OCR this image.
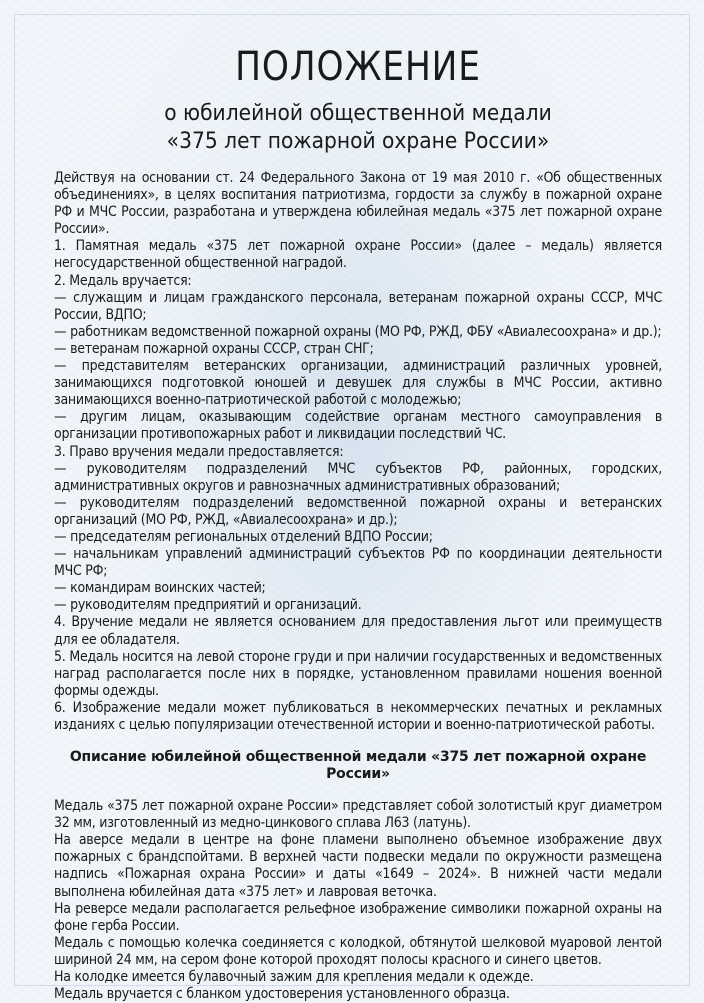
ПОЛОЖЕНИЕ
о юбилейной общественной медали
«375 лет пожарной охране России»

Действуя на основании ст. 24 Федерального Закона от 19 мая 2010 г. «Об общественных объединениях», в целях воспитания патриотизма, гордости за службу в пожарной охране РФ и МЧС России, разработана и утверждена юбилейная медаль «375 лет пожарной охране России».

1. Памятная медаль «375 лет пожарной охране России» (далее – медаль) является негосударственной общественной наградой.

2. Медаль вручается:

— служащим и лицам гражданского персонала, ветеранам пожарной охраны СССР, МЧС России, ВДПО;

— работникам ведомственной пожарной охраны (МО РФ, РЖД, ФБУ «Авиалесоохрана» и др.);

— ветеранам пожарной охраны СССР, стран СНГ;

— представителям ветеранских организации, администраций различных уровней, занимающихся подготовкой юношей и девушек для службы в МЧС России, активно занимающихся военно-патриотической работой с молодежью;

— другим лицам, оказывающим содействие органам местного самоуправления в организации противопожарных работ и ликвидации последствий ЧС.

3. Право вручения медали предоставляется:

— руководителям подразделений МЧС субъектов РФ, районных, городских, административных округов и равнозначных административных образований;

— руководителям подразделений ведомственной пожарной охраны и ветеранских организаций (МО РФ, РЖД, «Авиалесоохрана» и др.);

— председателям региональных отделений ВДПО России;

— начальникам управлений администраций субъектов РФ по координации деятельности МЧС РФ;

— командирам воинских частей;

— руководителям предприятий и организаций.

4. Вручение медали не является основанием для предоставления льгот или преимуществ для ее обладателя.

5. Медаль носится на левой стороне груди и при наличии государственных и ведомственных наград располагается после них в порядке, установленном правилами ношения военной формы одежды.

6. Изображение медали может публиковаться в некоммерческих печатных и рекламных изданиях с целью популяризации отечественной истории и военно-патриотической работы.

Описание юбилейной общественной медали «375 лет пожарной охране России»

Медаль «375 лет пожарной охране России» представляет собой золотистый круг диаметром 32 мм, изготовленный из медно-цинкового сплава Л63 (латунь).

На аверсе медали в центре на фоне пламени выполнено объемное изображение двух пожарных с брандспойтами. В верхней части подвески медали по окружности размещена надпись «Пожарная охрана России» и даты «1649 – 2024». В нижней части медали выполнена юбилейная дата «375 лет» и лавровая веточка.

На реверсе медали располагается рельефное изображение символики пожарной охраны на фоне герба России.

Медаль с помощью колечка соединяется с колодкой, обтянутой шелковой муаровой лентой шириной 24 мм, на сером фоне которой проходят полосы красного и синего цветов.

На колодке имеется булавочный зажим для крепления медали к одежде.

Медаль вручается с бланком удостоверения установленного образца.
